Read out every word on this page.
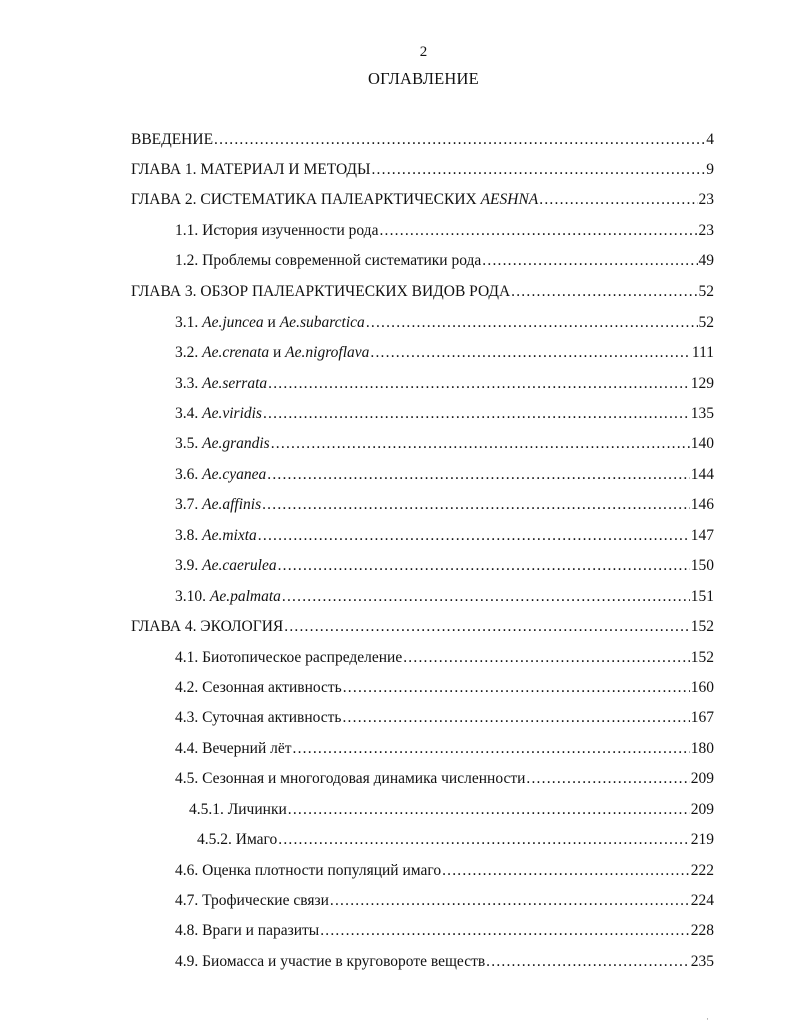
2
ОГЛАВЛЕНИЕ
ВВЕДЕНИЕ .....	4
ГЛАВА 1. МАТЕРИАЛ И МЕТОДЫ .....	9
ГЛАВА 2. СИСТЕМАТИКА ПАЛЕАРКТИЧЕСКИХ AESHNA .....	23
1.1. История изученности рода .....	23
1.2. Проблемы современной систематики рода .....	49
ГЛАВА 3. ОБЗОР ПАЛЕАРКТИЧЕСКИХ ВИДОВ РОДА .....	52
3.1. Ae.juncea и Ae.subarctica .....	52
3.2. Ae.crenata и Ae.nigroflava .....	111
3.3. Ae.serrata .....	129
3.4. Ae.viridis .....	135
3.5. Ae.grandis .....	140
3.6. Ae.cyanea .....	144
3.7. Ae.affinis .....	146
3.8. Ae.mixta .....	147
3.9. Ae.caerulea .....	150
3.10. Ae.palmata .....	151
ГЛАВА 4. ЭКОЛОГИЯ .....	152
4.1. Биотопическое распределение .....	152
4.2. Сезонная активность .....	160
4.3. Суточная активность .....	167
4.4. Вечерний лёт .....	180
4.5. Сезонная и многогодовая динамика численности .....	209
4.5.1. Личинки .....	209
4.5.2. Имаго .....	219
4.6. Оценка плотности популяций имаго .....	222
4.7. Трофические связи .....	224
4.8. Враги и паразиты .....	228
4.9. Биомасса и участие в круговороте веществ .....	235
·
